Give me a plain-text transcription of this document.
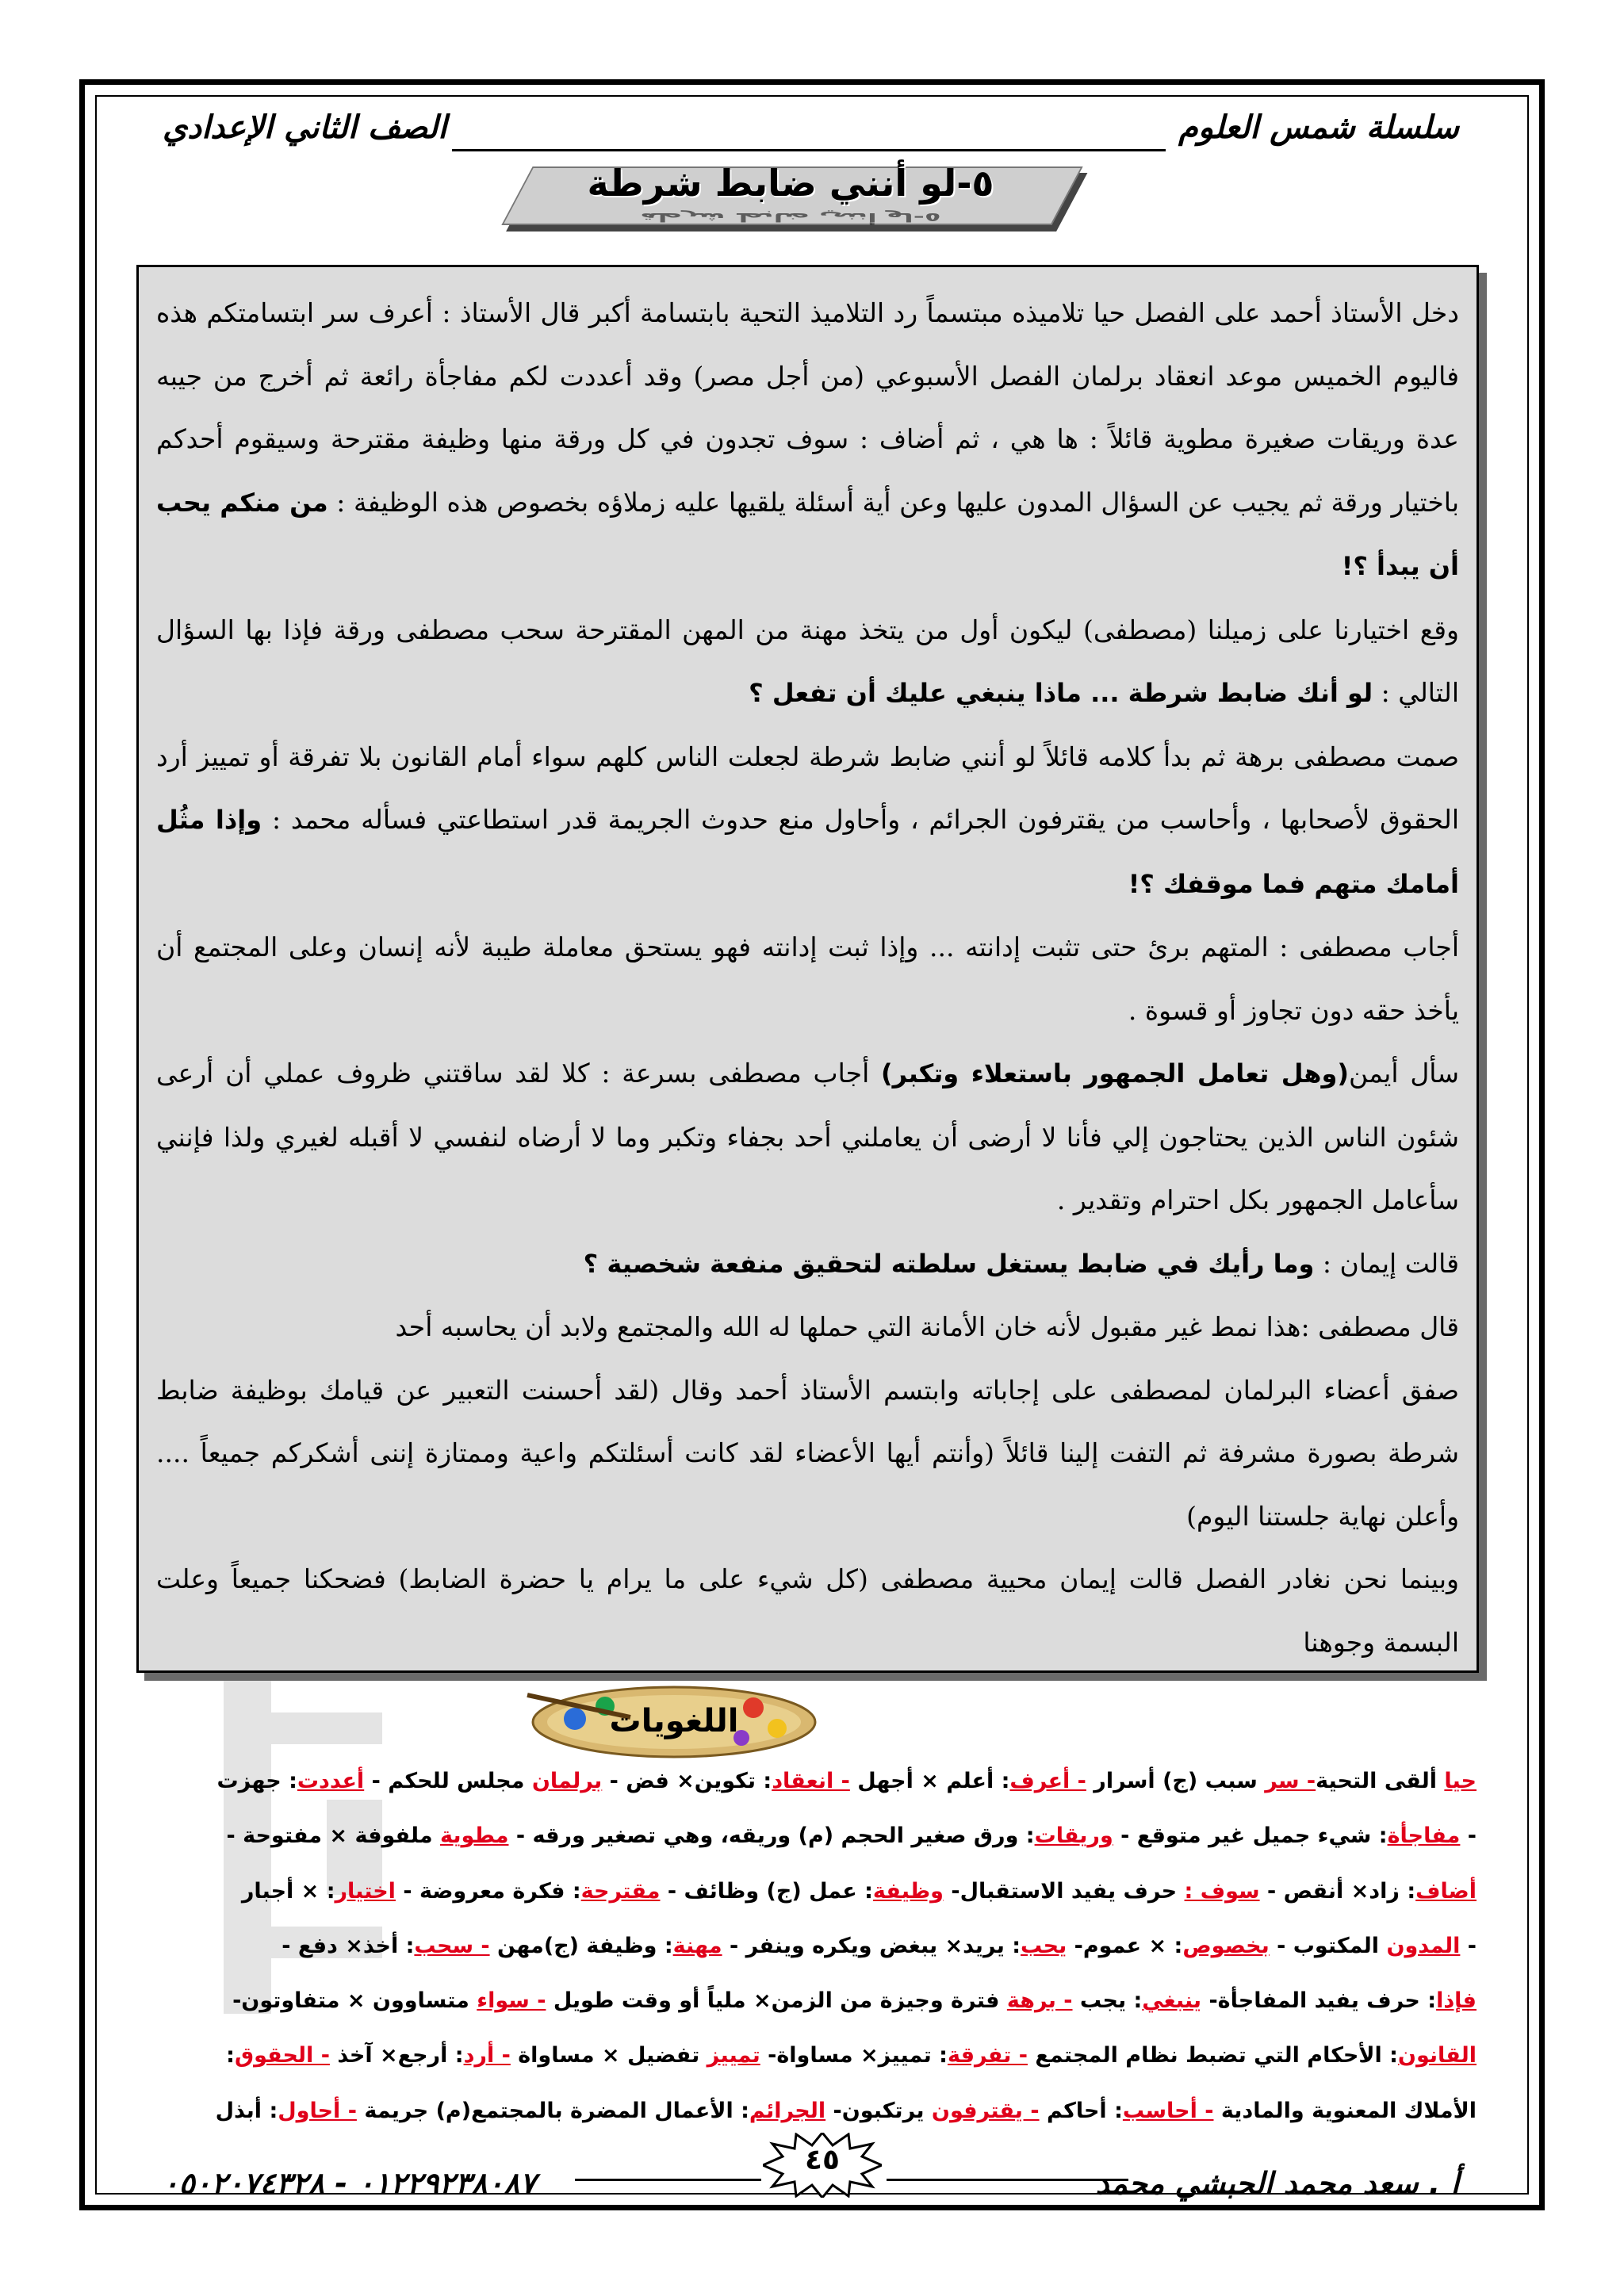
سلسلة شمس العلوم
الصف الثاني الإعدادي
٥-لو أنني ضابط شرطة
٥-لو أنني ضابط شرطة

دخل الأستاذ أحمد على الفصل حيا تلاميذه مبتسماً رد التلاميذ التحية بابتسامة أكبر قال الأستاذ : أعرف سر ابتسامتكم هذه فاليوم الخميس موعد انعقاد برلمان الفصل الأسبوعي (من أجل مصر) وقد أعددت لكم مفاجأة رائعة ثم أخرج من جيبه عدة وريقات صغيرة مطوية قائلاً : ها هي ، ثم أضاف : سوف تجدون في كل ورقة منها وظيفة مقترحة وسيقوم أحدكم باختيار ورقة ثم يجيب عن السؤال المدون عليها وعن أية أسئلة يلقيها عليه زملاؤه بخصوص هذه الوظيفة : من منكم يحب أن يبدأ ؟!

وقع اختيارنا على زميلنا (مصطفى) ليكون أول من يتخذ مهنة من المهن المقترحة سحب مصطفى ورقة فإذا بها السؤال التالي : لو أنك ضابط شرطة ... ماذا ينبغي عليك أن تفعل ؟

صمت مصطفى برهة ثم بدأ كلامه قائلاً لو أنني ضابط شرطة لجعلت الناس كلهم سواء أمام القانون بلا تفرقة أو تمييز أرد الحقوق لأصحابها ، وأحاسب من يقترفون الجرائم ، وأحاول منع حدوث الجريمة قدر استطاعتي فسأله محمد : وإذا مثُل أمامك متهم فما موقفك ؟!

أجاب مصطفى : المتهم برئ حتى تثبت إدانته ... وإذا ثبت إدانته فهو يستحق معاملة طيبة لأنه إنسان وعلى المجتمع أن يأخذ حقه دون تجاوز أو قسوة .

سأل أيمن(وهل تعامل الجمهور باستعلاء وتكبر) أجاب مصطفى بسرعة : كلا لقد ساقتني ظروف عملي أن أرعى شئون الناس الذين يحتاجون إلي فأنا لا أرضى أن يعاملني أحد بجفاء وتكبر وما لا أرضاه لنفسي لا أقبله لغيري ولذا فإنني سأعامل الجمهور بكل احترام وتقدير .

قالت إيمان : وما رأيك في ضابط يستغل سلطته لتحقيق منفعة شخصية ؟

قال مصطفى :هذا نمط غير مقبول لأنه خان الأمانة التي حملها له الله والمجتمع ولابد أن يحاسبه أحد

صفق أعضاء البرلمان لمصطفى على إجاباته وابتسم الأستاذ أحمد وقال (لقد أحسنت التعبير عن قيامك بوظيفة ضابط شرطة بصورة مشرفة ثم التفت إلينا قائلاً (وأنتم أيها الأعضاء لقد كانت أسئلتكم واعية وممتازة إننى أشكركم جميعاً .... وأعلن نهاية جلستنا اليوم)

وبينما نحن نغادر الفصل قالت إيمان محيية مصطفى (كل شيء على ما يرام يا حضرة الضابط) فضحكنا جميعاً وعلت البسمة وجوهنا

اللغويات
حيا ألقى التحية- سر سبب (ج) أسرار - أعرف: أعلم × أجهل - انعقاد: تكوين× فض - برلمان مجلس للحكم - أعددت: جهزت
- مفاجأة: شيء جميل غير متوقع - وريقات: ورق صغير الحجم (م) وريقه، وهي تصغير ورقه - مطوية ملفوفة × مفتوحة -
أضاف: زاد× أنقص - سوف : حرف يفيد الاستقبال- وظيفة: عمل (ج) وظائف - مقترحة: فكرة معروضة - اختيار: × أجبار
- المدون المكتوب - بخصوص: × عموم- يحب: يريد× يبغض ويكره وينفر - مهنة: وظيفة (ج)مهن - سحب: أخذ× دفع -
فإذا: حرف يفيد المفاجأة- ينبغي: يجب - برهة فترة وجيزة من الزمن× ملياً أو وقت طويل - سواء متساوون × متفاوتون-
القانون: الأحكام التي تضبط نظام المجتمع - تفرقة: تمييز× مساواة- تمييز تفضيل × مساواة - أرد: أرجع× آخذ - الحقوق:
الأملاك المعنوية والمادية - أحاسب: أحاكم - يقترفون يرتكبون- الجرائم: الأعمال المضرة بالمجتمع(م) جريمة - أحاول: أبذل
أ . سعد محمد الحبشي محمد
٤٥
٠١٢٢٩٢٣٨٠٨٧ - ٠٥٠٢٠٧٤٣٢٨
